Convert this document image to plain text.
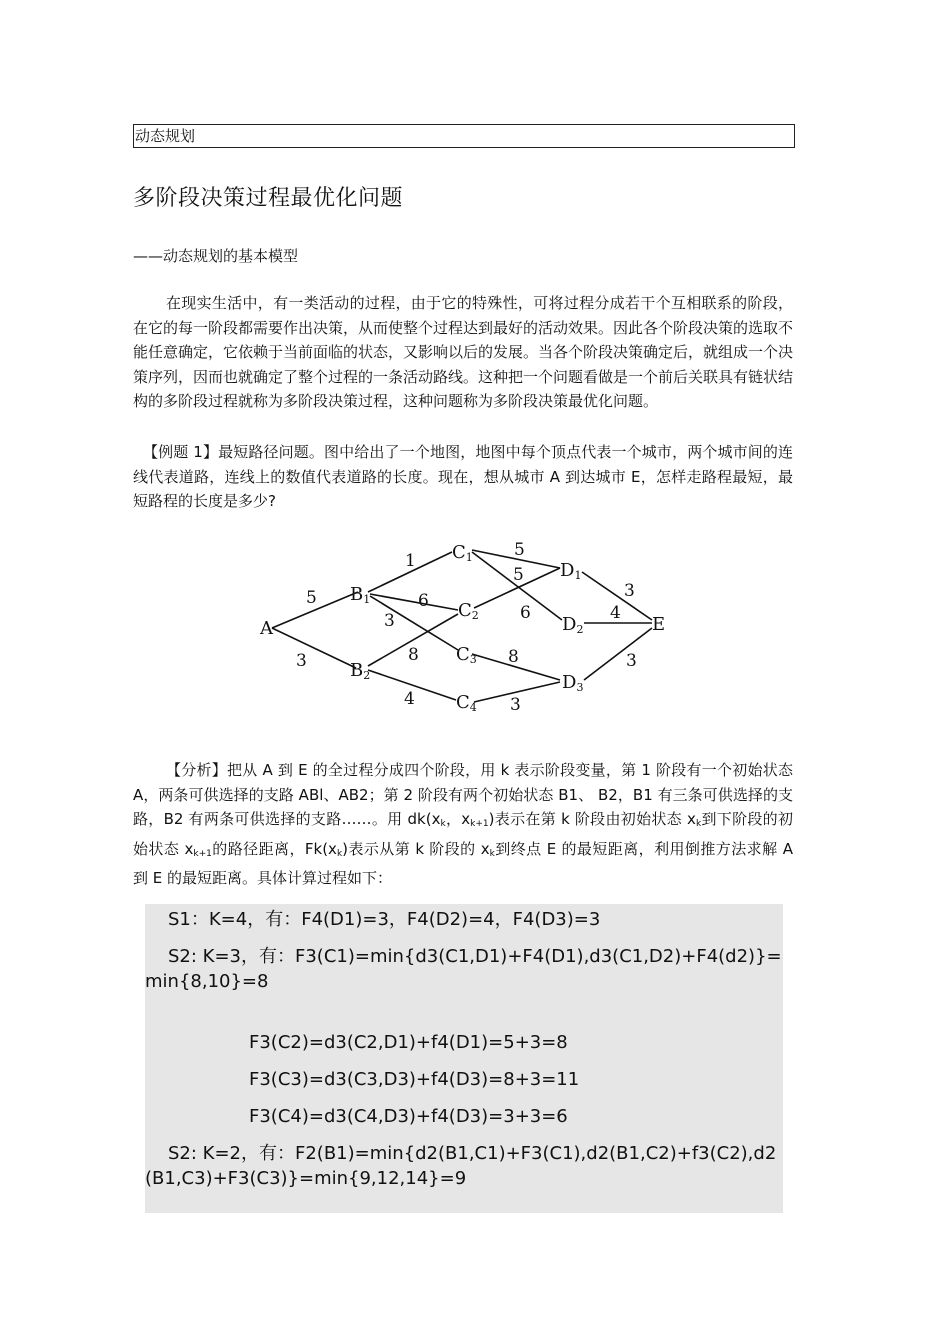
动态规划
多阶段决策过程最优化问题
——动态规划的基本模型

在现实生活中，有一类活动的过程，由于它的特殊性，可将过程分成若干个互相联系的阶段，在它的每一阶段都需要作出决策，从而使整个过程达到最好的活动效果。因此各个阶段决策的选取不能任意确定，它依赖于当前面临的状态，又影响以后的发展。当各个阶段决策确定后，就组成一个决策序列，因而也就确定了整个过程的一条活动路线。这种把一个问题看做是一个前后关联具有链状结构的多阶段过程就称为多阶段决策过程，这种问题称为多阶段决策最优化问题。

【例题 1】最短路径问题。图中给出了一个地图，地图中每个顶点代表一个城市，两个城市间的连线代表道路，连线上的数值代表道路的长度。现在，想从城市 A 到达城市 E，怎样走路程最短，最短路程的长度是多少?

A
B1
B2
C1
C2
C3
C4
D1
D2
D3
E
5
3
1
6
3
8
4
5
5
6
8
3
3
4
3

【分析】把从 A 到 E 的全过程分成四个阶段，用 k 表示阶段变量，第 1 阶段有一个初始状态 A，两条可供选择的支路 ABl、AB2；第 2 阶段有两个初始状态 B1、 B2，B1 有三条可供选择的支路，B2 有两条可供选择的支路……。用 $dk(x_k$，$x_{k+1}$)表示在第 k 阶段由初始状态 $x_k$到下阶段的初始状态 $x_{k+1}$的路径距离，$Fk(x_k)$表示从第 k 阶段的 $x_k$到终点 E 的最短距离，利用倒推方法求解 A 到 E 的最短距离。具体计算过程如下：

S1：K=4，有：F4(D1)=3，F4(D2)=4，F4(D3)=3
S2: K=3，有：F3(C1)=min{d3(C1,D1)+F4(D1),d3(C1,D2)+F4(d2)}=min{8,10}=8
F3(C2)=d3(C2,D1)+f4(D1)=5+3=8
F3(C3)=d3(C3,D3)+f4(D3)=8+3=11
F3(C4)=d3(C4,D3)+f4(D3)=3+3=6
S2: K=2，有：F2(B1)=min{d2(B1,C1)+F3(C1),d2(B1,C2)+f3(C2),d2(B1,C3)+F3(C3)}=min{9,12,14}=9
